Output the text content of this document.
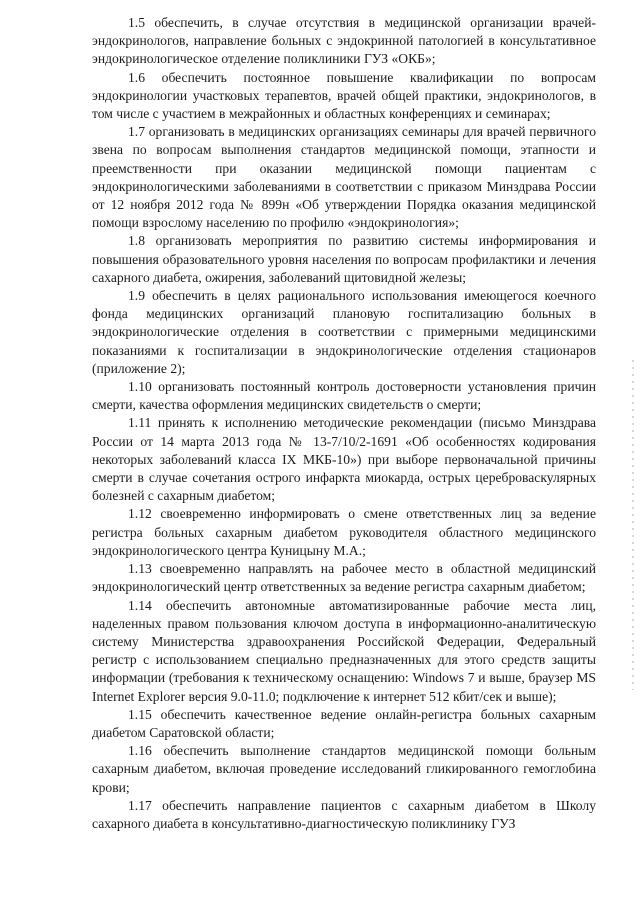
1.5 обеспечить, в случае отсутствия в медицинской организации врачей-эндокринологов, направление больных с эндокринной патологией в консультативное эндокринологическое отделение поликлиники ГУЗ «ОКБ»;

1.6 обеспечить постоянное повышение квалификации по вопросам эндокринологии участковых терапевтов, врачей общей практики, эндокринологов, в том числе с участием в межрайонных и областных конференциях и семинарах;

1.7 организовать в медицинских организациях семинары для врачей первичного звена по вопросам выполнения стандартов медицинской помощи, этапности и преемственности при оказании медицинской помощи пациентам с эндокринологическими заболеваниями в соответствии с приказом Минздрава России от 12 ноября 2012 года № 899н «Об утверждении Порядка оказания медицинской помощи взрослому населению по профилю «эндокринология»;

1.8 организовать мероприятия по развитию системы информирования и повышения образовательного уровня населения по вопросам профилактики и лечения сахарного диабета, ожирения, заболеваний щитовидной железы;

1.9 обеспечить в целях рационального использования имеющегося коечного фонда медицинских организаций плановую госпитализацию больных в эндокринологические отделения в соответствии с примерными медицинскими показаниями к госпитализации в эндокринологические отделения стационаров (приложение 2);

1.10 организовать постоянный контроль достоверности установления причин смерти, качества оформления медицинских свидетельств о смерти;

1.11 принять к исполнению методические рекомендации (письмо Минздрава России от 14 марта 2013 года № 13-7/10/2-1691 «Об особенностях кодирования некоторых заболеваний класса IX МКБ-10») при выборе первоначальной причины смерти в случае сочетания острого инфаркта миокарда, острых цереброваскулярных болезней с сахарным диабетом;

1.12 своевременно информировать о смене ответственных лиц за ведение регистра больных сахарным диабетом руководителя областного медицинского эндокринологического центра Куницыну М.А.;

1.13 своевременно направлять на рабочее место в областной медицинский эндокринологический центр ответственных за ведение регистра сахарным диабетом;

1.14 обеспечить автономные автоматизированные рабочие места лиц, наделенных правом пользования ключом доступа в информационно-аналитическую систему Министерства здравоохранения Российской Федерации, Федеральный регистр с использованием специально предназначенных для этого средств защиты информации (требования к техническому оснащению: Windows 7 и выше, браузер MS Internet Explorer версия 9.0-11.0; подключение к интернет 512 кбит/сек и выше);

1.15 обеспечить качественное ведение онлайн-регистра больных сахарным диабетом Саратовской области;

1.16 обеспечить выполнение стандартов медицинской помощи больным сахарным диабетом, включая проведение исследований гликированного гемоглобина крови;

1.17 обеспечить направление пациентов с сахарным диабетом в Школу сахарного диабета в консультативно-диагностическую поликлинику ГУЗ
